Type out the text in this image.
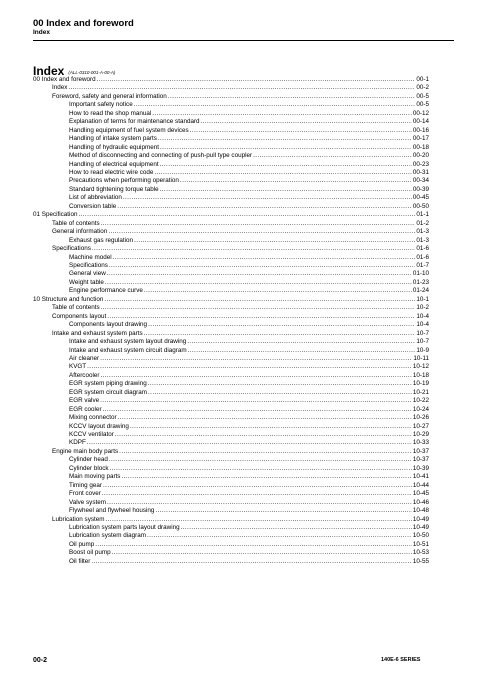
00 Index and foreword
Index
Index (ALL-0310-001-A-00-A)
00 Index and foreword .....	00-1
Index .....	00-2
Foreword, safety and general information .....	00-5
Important safety notice .....	00-5
How to read the shop manual .....	00-12
Explanation of terms for maintenance standard .....	00-14
Handling equipment of fuel system devices .....	00-16
Handling of intake system parts .....	00-17
Handling of hydraulic equipment .....	00-18
Method of disconnecting and connecting of push-pull type coupler .....	00-20
Handling of electrical equipment .....	00-23
How to read electric wire code .....	00-31
Precautions when performing operation .....	00-34
Standard tightening torque table .....	00-39
List of abbreviation .....	00-45
Conversion table .....	00-50
01 Specification .....	01-1
Table of contents .....	01-2
General information .....	01-3
Exhaust gas regulation .....	01-3
Specifications .....	01-6
Machine model .....	01-6
Specifications .....	01-7
General view .....	01-10
Weight table .....	01-23
Engine performance curve .....	01-24
10 Structure and function .....	10-1
Table of contents .....	10-2
Components layout .....	10-4
Components layout drawing .....	10-4
Intake and exhaust system parts .....	10-7
Intake and exhaust system layout drawing .....	10-7
Intake and exhaust system circuit diagram .....	10-9
Air cleaner .....	10-11
KVGT .....	10-12
Aftercooler .....	10-18
EGR system piping drawing .....	10-19
EGR system circuit diagram .....	10-21
EGR valve .....	10-22
EGR cooler .....	10-24
Mixing connector .....	10-26
KCCV layout drawing .....	10-27
KCCV ventilator .....	10-29
KDPF .....	10-33
Engine main body parts .....	10-37
Cylinder head .....	10-37
Cylinder block .....	10-39
Main moving parts .....	10-41
Timing gear .....	10-44
Front cover .....	10-45
Valve system .....	10-46
Flywheel and flywheel housing .....	10-48
Lubrication system .....	10-49
Lubrication system parts layout drawing .....	10-49
Lubrication system diagram .....	10-50
Oil pump .....	10-51
Boost oil pump .....	10-53
Oil filter .....	10-55
00-2	140E-6 SERIES
